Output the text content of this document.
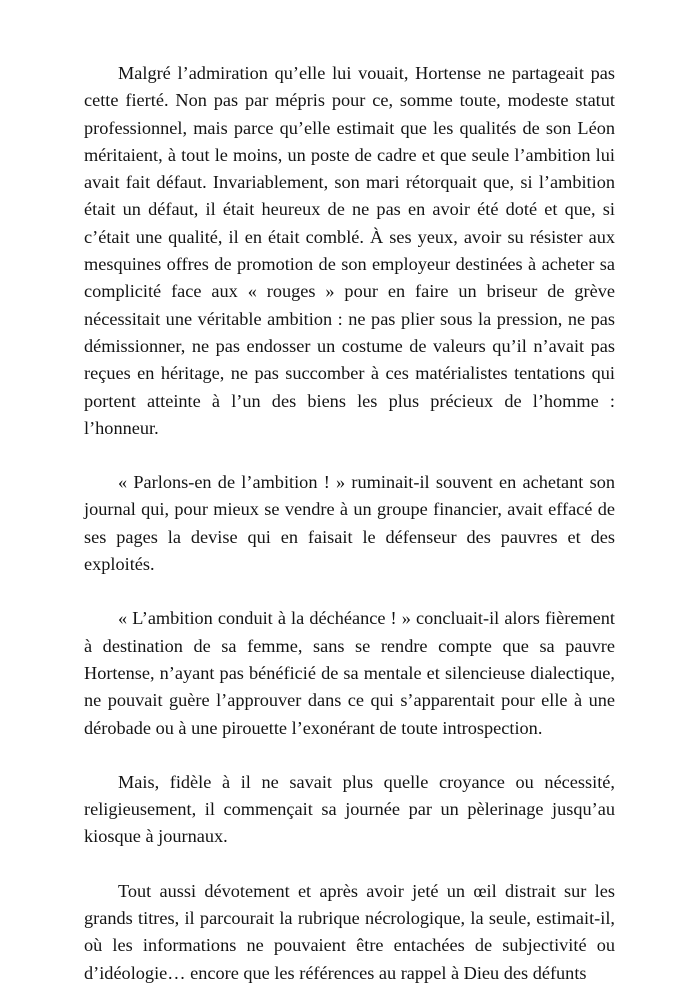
Malgré l’admiration qu’elle lui vouait, Hortense ne partageait pas cette fierté. Non pas par mépris pour ce, somme toute, modeste statut professionnel, mais parce qu’elle estimait que les qualités de son Léon méritaient, à tout le moins, un poste de cadre et que seule l’ambition lui avait fait défaut. Invariablement, son mari rétorquait que, si l’ambition était un défaut, il était heureux de ne pas en avoir été doté et que, si c’était une qualité, il en était comblé. À ses yeux, avoir su résister aux mesquines offres de promotion de son employeur destinées à acheter sa complicité face aux « rouges » pour en faire un briseur de grève nécessitait une véritable ambition : ne pas plier sous la pression, ne pas démissionner, ne pas endosser un costume de valeurs qu’il n’avait pas reçues en héritage, ne pas succomber à ces matérialistes tentations qui portent atteinte à l’un des biens les plus précieux de l’homme : l’honneur.

« Parlons-en de l’ambition ! » ruminait-il souvent en achetant son journal qui, pour mieux se vendre à un groupe financier, avait effacé de ses pages la devise qui en faisait le défenseur des pauvres et des exploités.

« L’ambition conduit à la déchéance ! » concluait-il alors fièrement à destination de sa femme, sans se rendre compte que sa pauvre Hortense, n’ayant pas bénéficié de sa mentale et silencieuse dialectique, ne pouvait guère l’approuver dans ce qui s’apparentait pour elle à une dérobade ou à une pirouette l’exonérant de toute introspection.

Mais, fidèle à il ne savait plus quelle croyance ou nécessité, religieusement, il commençait sa journée par un pèlerinage jusqu’au kiosque à journaux.

Tout aussi dévotement et après avoir jeté un œil distrait sur les grands titres, il parcourait la rubrique nécrologique, la seule, estimait-il, où les informations ne pouvaient être entachées de subjectivité ou d’idéologie… encore que les références au rappel à Dieu des défunts
